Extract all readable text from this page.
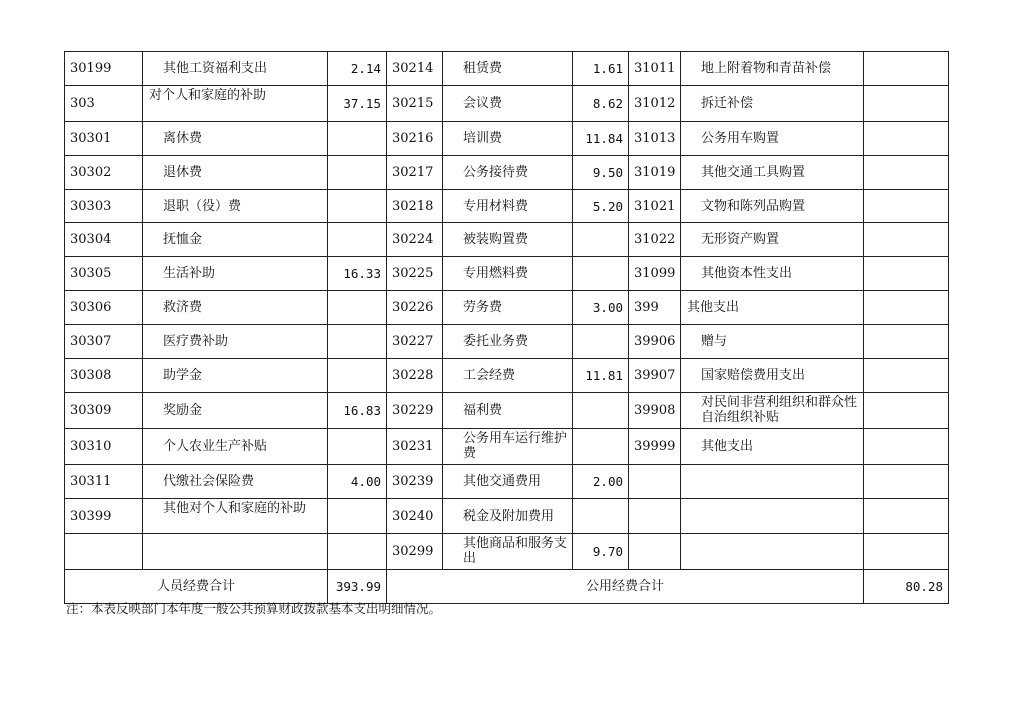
30199	其他工资福利支出	2.14	30214	租赁费	1.61	31011	地上附着物和青苗补偿	
303	对个人和家庭的补助	37.15	30215	会议费	8.62	31012	拆迁补偿	
30301	离休费		30216	培训费	11.84	31013	公务用车购置	
30302	退休费		30217	公务接待费	9.50	31019	其他交通工具购置	
30303	退职（役）费		30218	专用材料费	5.20	31021	文物和陈列品购置	
30304	抚恤金		30224	被装购置费		31022	无形资产购置	
30305	生活补助	16.33	30225	专用燃料费		31099	其他资本性支出	
30306	救济费		30226	劳务费	3.00	399	其他支出	
30307	医疗费补助		30227	委托业务费		39906	赠与	
30308	助学金		30228	工会经费	11.81	39907	国家赔偿费用支出	
30309	奖励金	16.83	30229	福利费		39908	对民间非营利组织和群众性自治组织补贴	
30310	个人农业生产补贴		30231	公务用车运行维护费		39999	其他支出	
30311	代缴社会保险费	4.00	30239	其他交通费用	2.00			
30399	其他对个人和家庭的补助		30240	税金及附加费用				
			30299	其他商品和服务支出	9.70			
人员经费合计		393.99	公用经费合计					80.28
注：本表反映部门本年度一般公共预算财政拨款基本支出明细情况。
